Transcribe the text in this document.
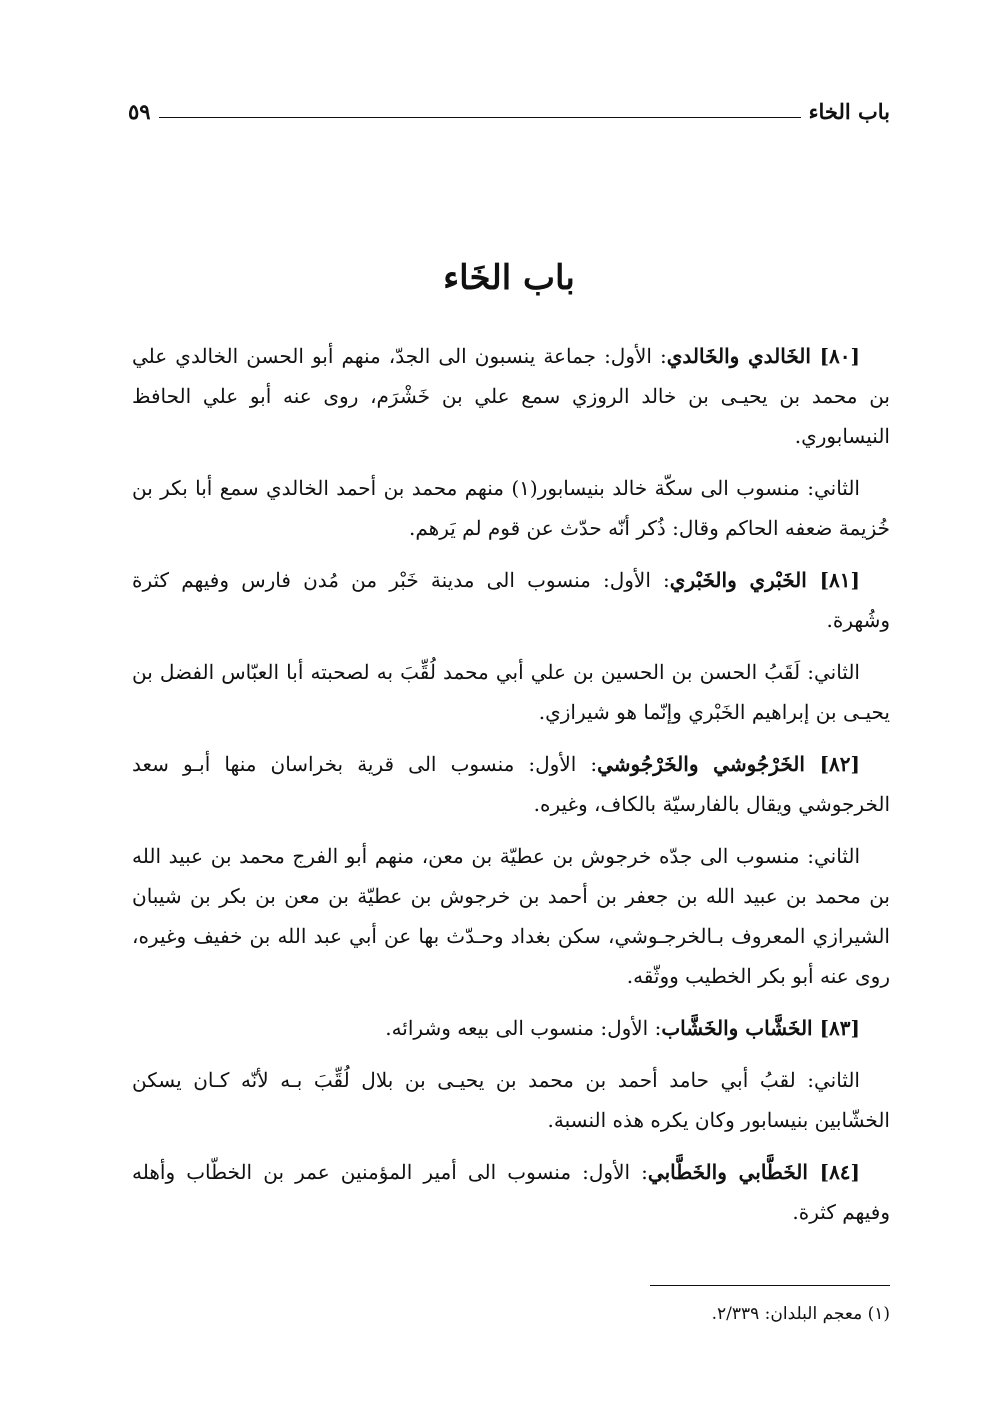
باب الخاء
٥٩
باب الخَاء

[٨٠] الخَالدي والخَالدي: الأول: جماعة ينسبون الى الجدّ، منهم أبو الحسن الخالدي علي بن محمد بن يحيـى بن خالد الروزي سمع علي بن خَشْرَم، روى عنه أبو علي الحافظ النيسابوري.

الثاني: منسوب الى سكّة خالد بنيسابور(١) منهم محمد بن أحمد الخالدي سمع أبا بكر بن خُزيمة ضعفه الحاكم وقال: ذُكر أنّه حدّث عن قوم لم يَرهم.

[٨١] الخَبْري والخَبْري: الأول: منسوب الى مدينة خَبْر من مُدن فارس وفيهم كثرة وشُهرة.

الثاني: لَقَبُ الحسن بن الحسين بن علي أبي محمد لُقِّبَ به لصحبته أبا العبّاس الفضل بن يحيـى بن إبراهيم الخَبْري وإنّما هو شيرازي.

[٨٢] الخَرْجُوشي والخَرْجُوشي: الأول: منسوب الى قرية بخراسان منها أبـو سعد الخرجوشي ويقال بالفارسيّة بالكاف، وغيره.

الثاني: منسوب الى جدّه خرجوش بن عطيّة بن معن، منهم أبو الفرج محمد بن عبيد الله بن محمد بن عبيد الله بن جعفر بن أحمد بن خرجوش بن عطيّة بن معن بن بكر بن شيبان الشيرازي المعروف بـالخرجـوشي، سكن بغداد وحـدّث بها عن أبي عبد الله بن خفيف وغيره، روى عنه أبو بكر الخطيب ووثّقه.

[٨٣] الخَشَّاب والخَشَّاب: الأول: منسوب الى بيعه وشرائه.

الثاني: لقبُ أبي حامد أحمد بن محمد بن يحيـى بن بلال لُقِّبَ بـه لأنّه كـان يسكن الخشّابين بنيسابور وكان يكره هذه النسبة.

[٨٤] الخَطَّابي والخَطَّابي: الأول: منسوب الى أمير المؤمنين عمر بن الخطّاب وأهله وفيهم كثرة.

(١) معجم البلدان: ٢/٣٣٩.
